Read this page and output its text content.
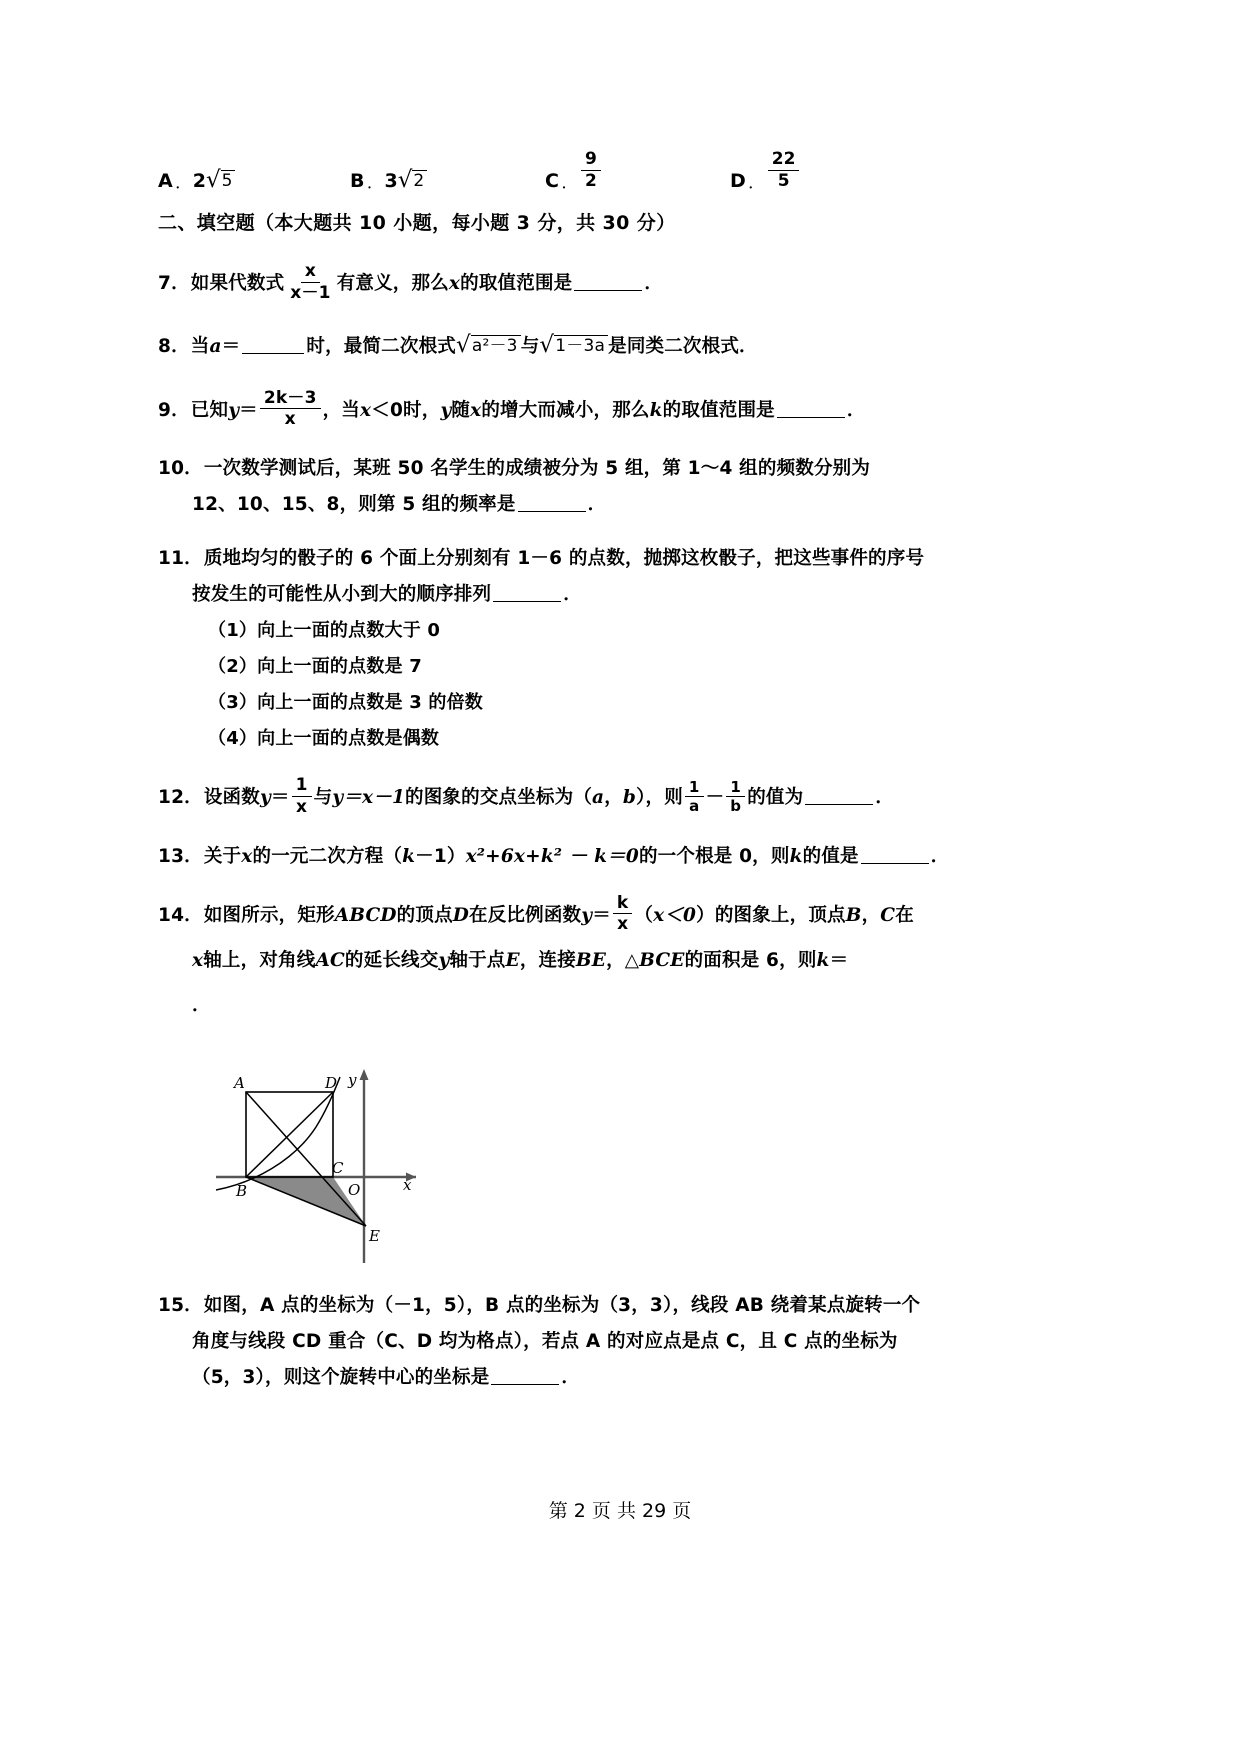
A ． 2 √ 5	B ． 3 √ 2	C ． $\frac{9}{2}$	D ． $\frac{22}{5}$
二、填空题（本大题共 10 小题，每小题 3 分，共 30 分）
7．如果代数式 $\frac{x}{x-1}$ 有意义，那么x的取值范围是	．
8．当a＝	时，最简二次根式 √ a²－3 与 √ 1－3a 是同类二次根式．
9．已知$y= \frac{2k-3}{x}$ ，当x＜0时，y随x的增大而减小，那么k的取值范围是	．
10．一次数学测试后，某班 50 名学生的成绩被分为 5 组，第 1～4 组的频数分别为
12、10、15、8，则第 5 组的频率是	．
11．质地均匀的骰子的 6 个面上分别刻有 1－6 的点数，抛掷这枚骰子，把这些事件的序号
按发生的可能性从小到大的顺序排列	．
（1）向上一面的点数大于 0
（2）向上一面的点数是 7
（3）向上一面的点数是 3 的倍数
（4）向上一面的点数是偶数
12．设函数$y= \frac{1}{x}$ 与y＝x－1的图象的交点坐标为（a，b），则 $\frac{1}{a} - \frac{1}{b}$ 的值为	．
13．关于x的一元二次方程（k－1）x²+6x+k² － k＝0的一个根是 0，则k的值是	．
14．如图所示，矩形ABCD的顶点D在反比例函数$y= \frac{k}{x} (x<0)$的图象上，顶点B，C在
x轴上，对角线AC的延长线交y轴于点E，连接BE，△BCE的面积是 6，则k＝
．
A	D
B
C
O
E
x
y
15．如图，A 点的坐标为（－1，5），B 点的坐标为（3，3），线段 AB 绕着某点旋转一个
角度与线段 CD 重合（C、D 均为格点），若点 A 的对应点是点 C，且 C 点的坐标为
（5，3），则这个旋转中心的坐标是	．
第 2 页 共 29 页
